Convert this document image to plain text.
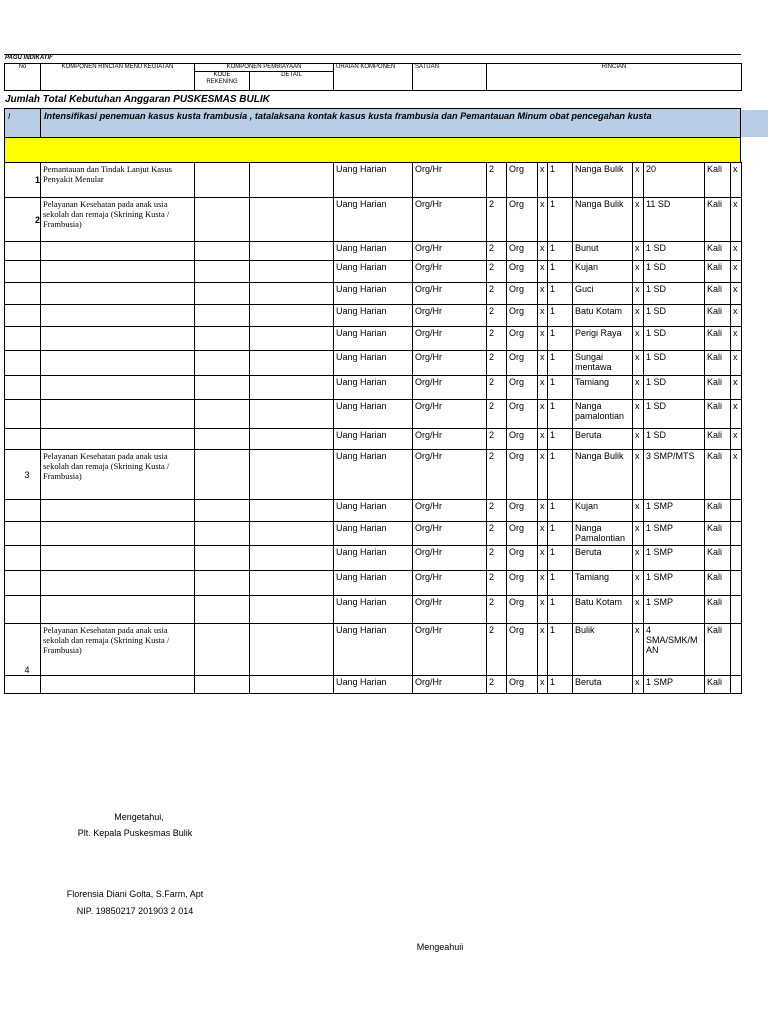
PAGU INDIKATIF
No	KOMPONEN RINCIAN MENU KEGIATAN	KOMPONEN PEMBIAYAAN		URAIAN KOMPONEN	SATUAN	RINCIAN
		KODE REKENING	DETAIL			

Jumlah Total Kebutuhan Anggaran PUSKESMAS BULIK
I	Intensifikasi penemuan kasus kusta frambusia , tatalaksana kontak kasus kusta frambusia dan Pemantauan Minum obat pencegahan kusta
	1	Pemantauan dan Tindak Lanjut Kasus Penyakit Menular			Uang Harian	Org/Hr	2	Org	x	1	Nanga Bulik	x	20	Kali	x
	2	Pelayanan Kesehatan pada anak usia sekolah dan remaja (Skrining Kusta / Frambusia)			Uang Harian	Org/Hr	2	Org	x	1	Nanga Bulik	x	11 SD	Kali	x
					Uang Harian	Org/Hr	2	Org	x	1	Bunut	x	1 SD	Kali	x
					Uang Harian	Org/Hr	2	Org	x	1	Kujan	x	1 SD	Kali	x
					Uang Harian	Org/Hr	2	Org	x	1	Guci	x	1 SD	Kali	x
					Uang Harian	Org/Hr	2	Org	x	1	Batu Kotam	x	1 SD	Kali	x
					Uang Harian	Org/Hr	2	Org	x	1	Perigi Raya	x	1 SD	Kali	x
					Uang Harian	Org/Hr	2	Org	x	1	Sungai mentawa	x	1 SD	Kali	x
					Uang Harian	Org/Hr	2	Org	x	1	Tamiang	x	1 SD	Kali	x
					Uang Harian	Org/Hr	2	Org	x	1	Nanga pamalontian	x	1 SD	Kali	x
					Uang Harian	Org/Hr	2	Org	x	1	Beruta	x	1 SD	Kali	x
	3	Pelayanan Kesehatan pada anak usia sekolah dan remaja (Skrining Kusta / Frambusia)			Uang Harian	Org/Hr	2	Org	x	1	Nanga Bulik	x	3 SMP/MTS	Kali	x
					Uang Harian	Org/Hr	2	Org	x	1	Kujan	x	1 SMP	Kali	
					Uang Harian	Org/Hr	2	Org	x	1	Nanga Pamalontian	x	1 SMP	Kali	
					Uang Harian	Org/Hr	2	Org	x	1	Beruta	x	1 SMP	Kali	
					Uang Harian	Org/Hr	2	Org	x	1	Tamiang	x	1 SMP	Kali	
					Uang Harian	Org/Hr	2	Org	x	1	Batu Kotam	x	1 SMP	Kali	
	4	Pelayanan Kesehatan pada anak usia sekolah dan remaja (Skrining Kusta / Frambusia)			Uang Harian	Org/Hr	2	Org	x	1	Bulik	x	4 SMA/SMK/MAN	Kali	
					Uang Harian	Org/Hr	2	Org	x	1	Beruta	x	1 SMP	Kali	
Mengetahui,
Plt. Kepala Puskesmas Bulik
Florensia Diani Golta, S.Farm, Apt
NIP. 19850217 201903 2 014
Mengeahuii
